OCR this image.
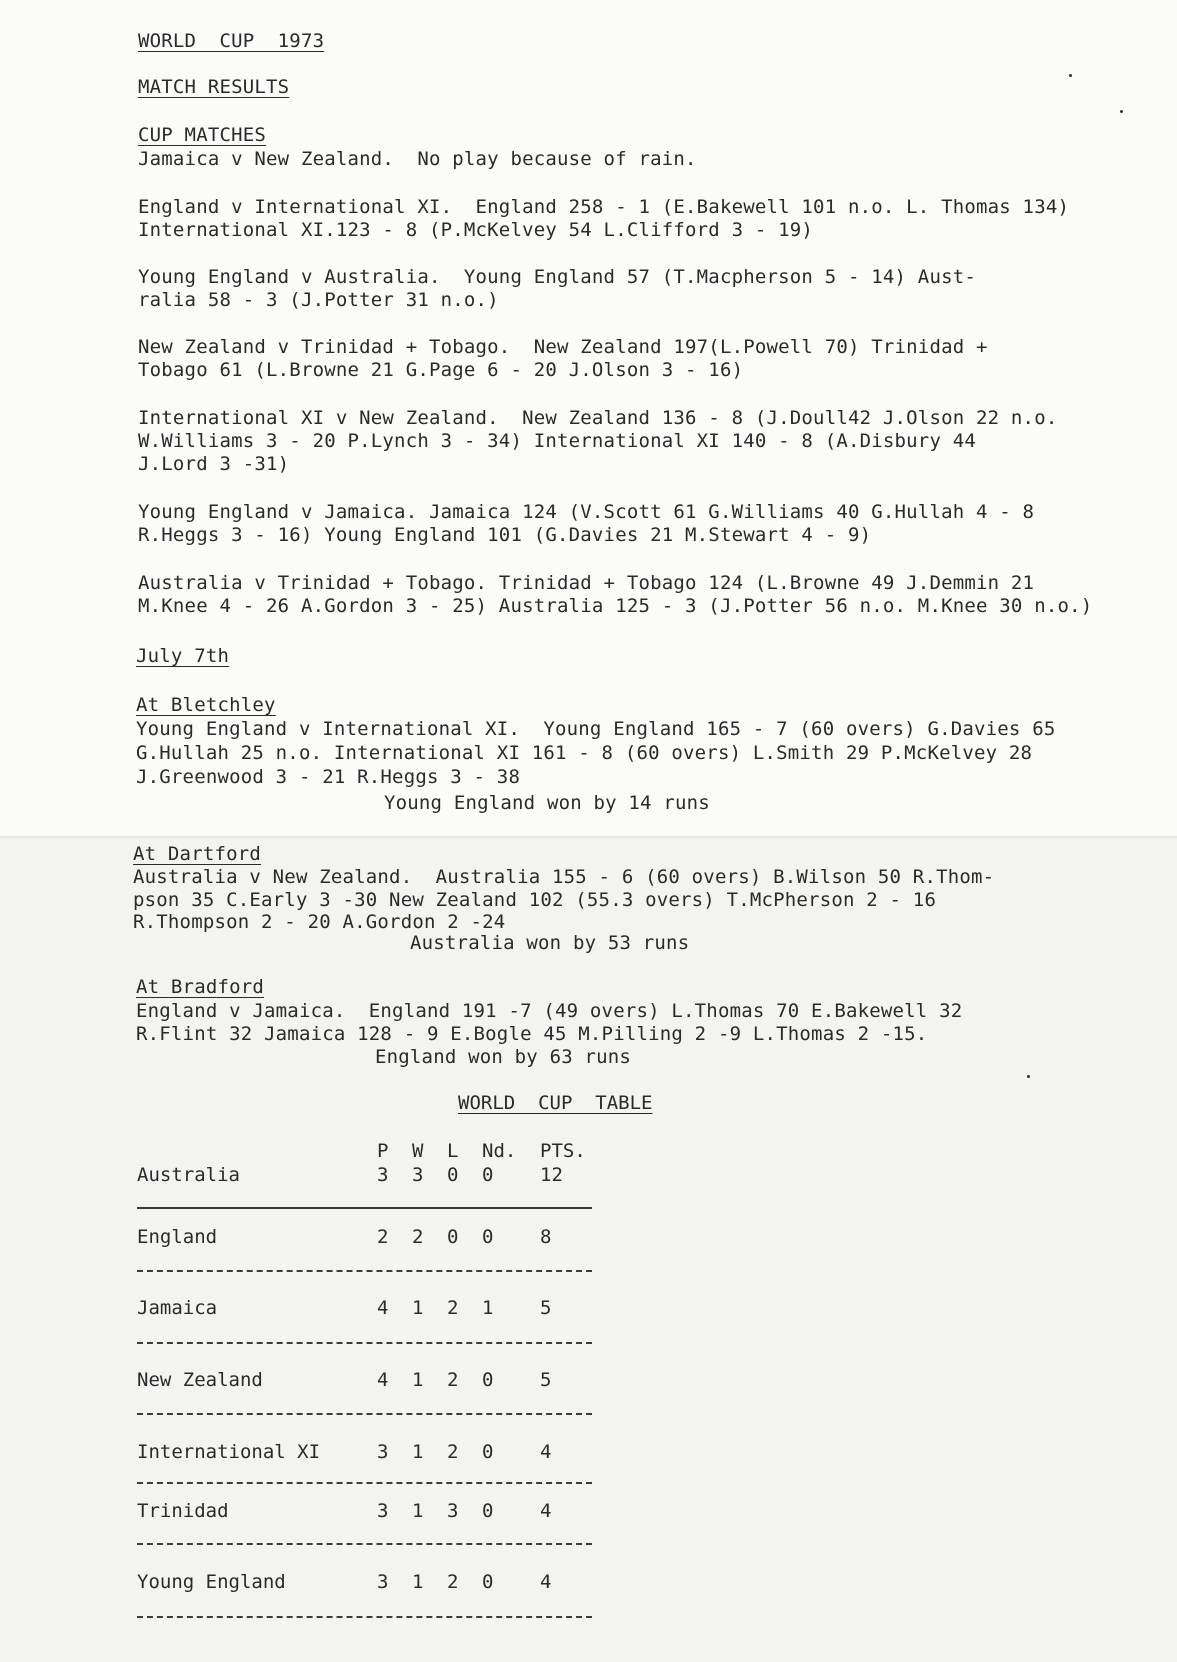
WORLD  CUP  1973
MATCH RESULTS
CUP MATCHES
Jamaica v New Zealand.  No play because of rain.
England v International XI.  England 258 - 1 (E.Bakewell 101 n.o. L. Thomas 134)
International XI.123 - 8 (P.McKelvey 54 L.Clifford 3 - 19)
Young England v Australia.  Young England 57 (T.Macpherson 5 - 14) Aust-
ralia 58 - 3 (J.Potter 31 n.o.)
New Zealand v Trinidad + Tobago.  New Zealand 197(L.Powell 70) Trinidad +
Tobago 61 (L.Browne 21 G.Page 6 - 20 J.Olson 3 - 16)
International XI v New Zealand.  New Zealand 136 - 8 (J.Doull42 J.Olson 22 n.o.
W.Williams 3 - 20 P.Lynch 3 - 34) International XI 140 - 8 (A.Disbury 44
J.Lord 3 -31)
Young England v Jamaica. Jamaica 124 (V.Scott 61 G.Williams 40 G.Hullah 4 - 8
R.Heggs 3 - 16) Young England 101 (G.Davies 21 M.Stewart 4 - 9)
Australia v Trinidad + Tobago. Trinidad + Tobago 124 (L.Browne 49 J.Demmin 21
M.Knee 4 - 26 A.Gordon 3 - 25) Australia 125 - 3 (J.Potter 56 n.o. M.Knee 30 n.o.)
July 7th
At Bletchley
Young England v International XI.  Young England 165 - 7 (60 overs) G.Davies 65
G.Hullah 25 n.o. International XI 161 - 8 (60 overs) L.Smith 29 P.McKelvey 28
J.Greenwood 3 - 21 R.Heggs 3 - 38
Young England won by 14 runs
At Dartford
Australia v New Zealand.  Australia 155 - 6 (60 overs) B.Wilson 50 R.Thom-
pson 35 C.Early 3 -30 New Zealand 102 (55.3 overs) T.McPherson 2 - 16
R.Thompson 2 - 20 A.Gordon 2 -24
Australia won by 53 runs
At Bradford
England v Jamaica.  England 191 -7 (49 overs) L.Thomas 70 E.Bakewell 32
R.Flint 32 Jamaica 128 - 9 E.Bogle 45 M.Pilling 2 -9 L.Thomas 2 -15.
England won by 63 runs
WORLD  CUP  TABLE
P W L Nd. PTS.
Australia	3 3 0 0 12
England	2 2 0 0 8
Jamaica	4 1 2 1 5
New Zealand	4 1 2 0 5
International XI	3 1 2 0 4
Trinidad	3 1 3 0 4
Young England	3 1 2 0 4
